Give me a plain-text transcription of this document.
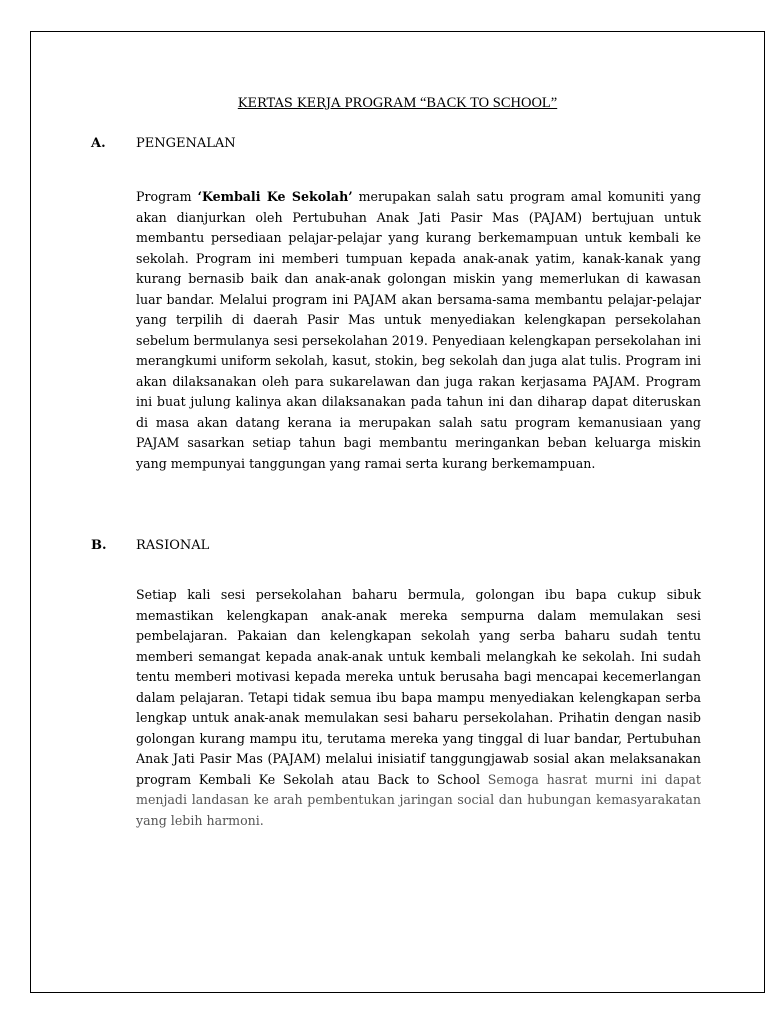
KERTAS KERJA PROGRAM “BACK TO SCHOOL”
A. PENGENALAN

Program ‘Kembali Ke Sekolah’ merupakan salah satu program amal komuniti yang akan dianjurkan oleh Pertubuhan Anak Jati Pasir Mas (PAJAM) bertujuan untuk membantu persediaan pelajar-pelajar yang kurang berkemampuan untuk kembali ke sekolah. Program ini memberi tumpuan kepada anak-anak yatim, kanak-kanak yang kurang bernasib baik dan anak-anak golongan miskin yang memerlukan di kawasan luar bandar. Melalui program ini PAJAM akan bersama-sama membantu pelajar-pelajar yang terpilih di daerah Pasir Mas untuk menyediakan kelengkapan persekolahan sebelum bermulanya sesi persekolahan 2019. Penyediaan kelengkapan persekolahan ini merangkumi uniform sekolah, kasut, stokin, beg sekolah dan juga alat tulis. Program ini akan dilaksanakan oleh para sukarelawan dan juga rakan kerjasama PAJAM. Program ini buat julung kalinya akan dilaksanakan pada tahun ini dan diharap dapat diteruskan di masa akan datang kerana ia merupakan salah satu program kemanusiaan yang PAJAM sasarkan setiap tahun bagi membantu meringankan beban keluarga miskin yang mempunyai tanggungan yang ramai serta kurang berkemampuan.

B. RASIONAL

Setiap kali sesi persekolahan baharu bermula, golongan ibu bapa cukup sibuk memastikan kelengkapan anak-anak mereka sempurna dalam memulakan sesi pembelajaran. Pakaian dan kelengkapan sekolah yang serba baharu sudah tentu memberi semangat kepada anak-anak untuk kembali melangkah ke sekolah. Ini sudah tentu memberi motivasi kepada mereka untuk berusaha bagi mencapai kecemerlangan dalam pelajaran. Tetapi tidak semua ibu bapa mampu menyediakan kelengkapan serba lengkap untuk anak-anak memulakan sesi baharu persekolahan. Prihatin dengan nasib golongan kurang mampu itu, terutama mereka yang tinggal di luar bandar, Pertubuhan Anak Jati Pasir Mas (PAJAM) melalui inisiatif tanggungjawab sosial akan melaksanakan program Kembali Ke Sekolah atau Back to School Semoga hasrat murni ini dapat menjadi landasan ke arah pembentukan jaringan social dan hubungan kemasyarakatan yang lebih harmoni.
